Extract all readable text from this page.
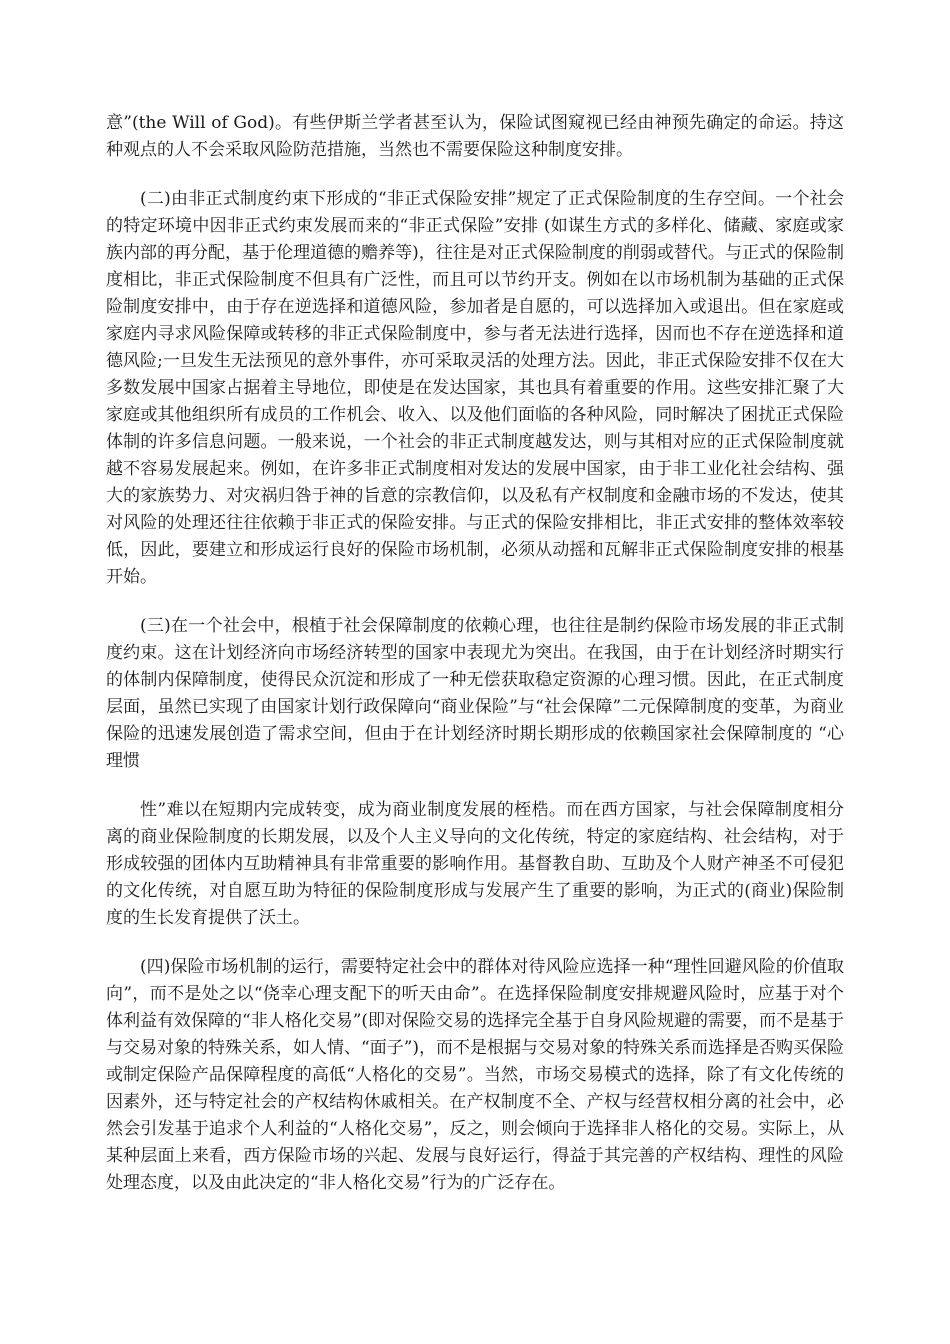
意”(the Will of God)。有些伊斯兰学者甚至认为，保险试图窥视已经由神预先确定的命运。持这种观点的人不会采取风险防范措施，当然也不需要保险这种制度安排。

(二)由非正式制度约束下形成的“非正式保险安排”规定了正式保险制度的生存空间。一个社会的特定环境中因非正式约束发展而来的“非正式保险”安排 (如谋生方式的多样化、储藏、家庭或家族内部的再分配，基于伦理道德的赡养等)，往往是对正式保险制度的削弱或替代。与正式的保险制度相比，非正式保险制度不但具有广泛性，而且可以节约开支。例如在以市场机制为基础的正式保险制度安排中，由于存在逆选择和道德风险，参加者是自愿的，可以选择加入或退出。但在家庭或家庭内寻求风险保障或转移的非正式保险制度中，参与者无法进行选择，因而也不存在逆选择和道德风险;一旦发生无法预见的意外事件，亦可采取灵活的处理方法。因此，非正式保险安排不仅在大多数发展中国家占据着主导地位，即使是在发达国家，其也具有着重要的作用。这些安排汇聚了大家庭或其他组织所有成员的工作机会、收入、以及他们面临的各种风险，同时解决了困扰正式保险体制的许多信息问题。一般来说，一个社会的非正式制度越发达，则与其相对应的正式保险制度就越不容易发展起来。例如，在许多非正式制度相对发达的发展中国家，由于非工业化社会结构、强大的家族势力、对灾祸归咎于神的旨意的宗教信仰，以及私有产权制度和金融市场的不发达，使其对风险的处理还往往依赖于非正式的保险安排。与正式的保险安排相比，非正式安排的整体效率较低，因此，要建立和形成运行良好的保险市场机制，必须从动摇和瓦解非正式保险制度安排的根基开始。

(三)在一个社会中，根植于社会保障制度的依赖心理，也往往是制约保险市场发展的非正式制度约束。这在计划经济向市场经济转型的国家中表现尤为突出。在我国，由于在计划经济时期实行的体制内保障制度，使得民众沉淀和形成了一种无偿获取稳定资源的心理习惯。因此，在正式制度层面，虽然已实现了由国家计划行政保障向“商业保险”与“社会保障”二元保障制度的变革，为商业保险的迅速发展创造了需求空间，但由于在计划经济时期长期形成的依赖国家社会保障制度的 “心理惯

性”难以在短期内完成转变，成为商业制度发展的桎梏。而在西方国家，与社会保障制度相分离的商业保险制度的长期发展，以及个人主义导向的文化传统，特定的家庭结构、社会结构，对于形成较强的团体内互助精神具有非常重要的影响作用。基督教自助、互助及个人财产神圣不可侵犯的文化传统，对自愿互助为特征的保险制度形成与发展产生了重要的影响，为正式的(商业)保险制度的生长发育提供了沃土。

(四)保险市场机制的运行，需要特定社会中的群体对待风险应选择一种“理性回避风险的价值取向”，而不是处之以“侥幸心理支配下的听天由命”。在选择保险制度安排规避风险时，应基于对个体利益有效保障的“非人格化交易”(即对保险交易的选择完全基于自身风险规避的需要，而不是基于与交易对象的特殊关系，如人情、“面子”)，而不是根据与交易对象的特殊关系而选择是否购买保险或制定保险产品保障程度的高低“人格化的交易”。当然，市场交易模式的选择，除了有文化传统的因素外，还与特定社会的产权结构休戚相关。在产权制度不全、产权与经营权相分离的社会中，必然会引发基于追求个人利益的“人格化交易”，反之，则会倾向于选择非人格化的交易。实际上，从某种层面上来看，西方保险市场的兴起、发展与良好运行，得益于其完善的产权结构、理性的风险处理态度，以及由此决定的“非人格化交易”行为的广泛存在。
